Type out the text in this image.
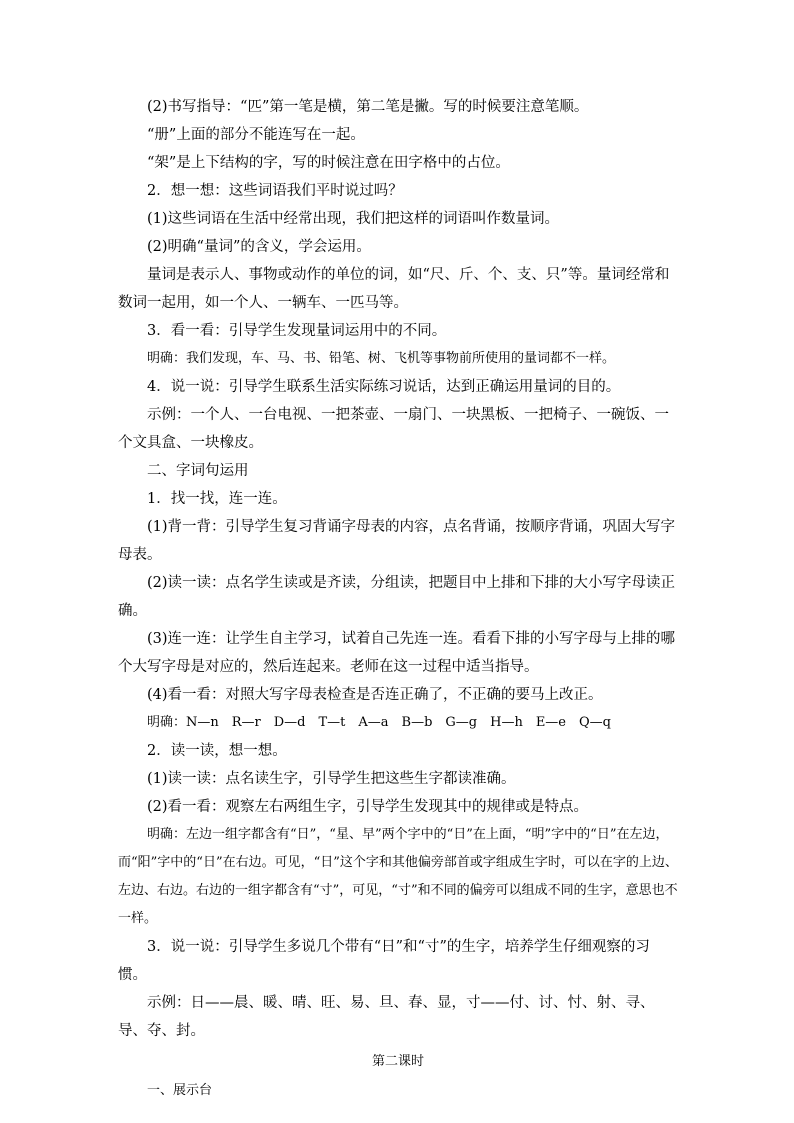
(2)书写指导：“匹”第一笔是横，第二笔是撇。写的时候要注意笔顺。

“册”上面的部分不能连写在一起。

“架”是上下结构的字，写的时候注意在田字格中的占位。

2．想一想：这些词语我们平时说过吗？

(1)这些词语在生活中经常出现，我们把这样的词语叫作数量词。

(2)明确“量词”的含义，学会运用。

量词是表示人、事物或动作的单位的词，如“尺、斤、个、支、只”等。量词经常和数词一起用，如一个人、一辆车、一匹马等。

3．看一看：引导学生发现量词运用中的不同。

明确：我们发现，车、马、书、铅笔、树、飞机等事物前所使用的量词都不一样。

4．说一说：引导学生联系生活实际练习说话，达到正确运用量词的目的。

示例：一个人、一台电视、一把茶壶、一扇门、一块黑板、一把椅子、一碗饭、一个文具盒、一块橡皮。

二、字词句运用

1．找一找，连一连。

(1)背一背：引导学生复习背诵字母表的内容，点名背诵，按顺序背诵，巩固大写字母表。

(2)读一读：点名学生读或是齐读，分组读，把题目中上排和下排的大小写字母读正确。

(3)连一连：让学生自主学习，试着自己先连一连。看看下排的小写字母与上排的哪个大写字母是对应的，然后连起来。老师在这一过程中适当指导。

(4)看一看：对照大写字母表检查是否连正确了，不正确的要马上改正。

明确：N—n　R—r　D—d　T—t　A—a　B—b　G—g　H—h　E—e　Q—q

2．读一读，想一想。

(1)读一读：点名读生字，引导学生把这些生字都读准确。

(2)看一看：观察左右两组生字，引导学生发现其中的规律或是特点。

明确：左边一组字都含有“日”，“星、早”两个字中的“日”在上面，“明”字中的“日”在左边，而“阳”字中的“日”在右边。可见，“日”这个字和其他偏旁部首或字组成生字时，可以在字的上边、左边、右边。右边的一组字都含有“寸”，可见，“寸”和不同的偏旁可以组成不同的生字，意思也不一样。

3．说一说：引导学生多说几个带有“日”和“寸”的生字，培养学生仔细观察的习惯。

示例：日——晨、暖、晴、旺、易、旦、春、显，寸——付、讨、忖、射、寻、导、夺、封。

第二课时

一、展示台
